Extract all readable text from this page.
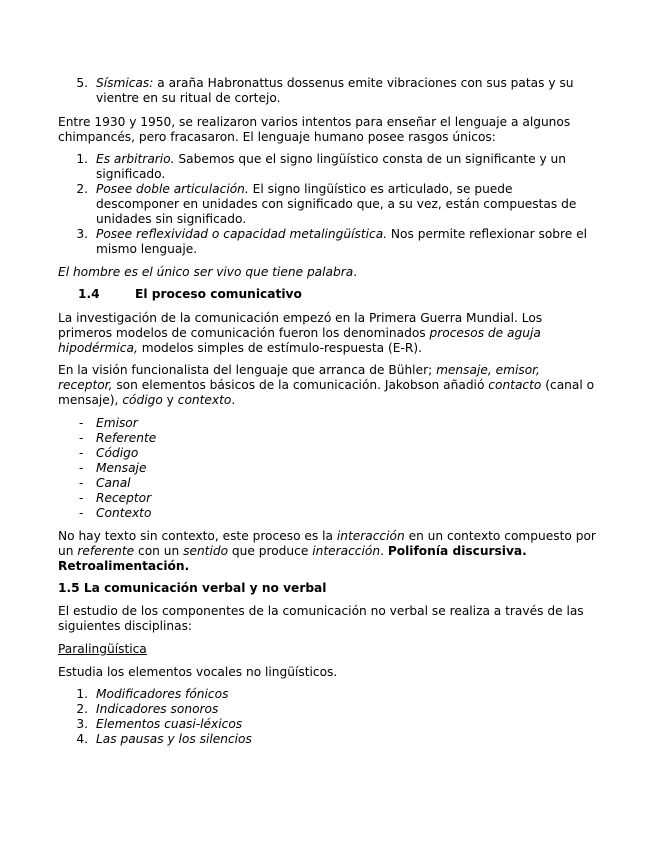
5. Sísmicas: a araña Habronattus dossenus emite vibraciones con sus patas y su vientre en su ritual de cortejo.

Entre 1930 y 1950, se realizaron varios intentos para enseñar el lenguaje a algunos chimpancés, pero fracasaron. El lenguaje humano posee rasgos únicos:

1. Es arbitrario. Sabemos que el signo lingüístico consta de un significante y un significado.
2. Posee doble articulación. El signo lingüístico es articulado, se puede descomponer en unidades con significado que, a su vez, están compuestas de unidades sin significado.
3. Posee reflexividad o capacidad metalingüística. Nos permite reflexionar sobre el mismo lenguaje.

El hombre es el único ser vivo que tiene palabra.

1.4	El proceso comunicativo

La investigación de la comunicación empezó en la Primera Guerra Mundial. Los primeros modelos de comunicación fueron los denominados procesos de aguja hipodérmica, modelos simples de estímulo-respuesta (E-R).

En la visión funcionalista del lenguaje que arranca de Bühler; mensaje, emisor, receptor, son elementos básicos de la comunicación. Jakobson añadió contacto (canal o mensaje), código y contexto.

-	Emisor
-	Referente
-	Código
-	Mensaje
-	Canal
-	Receptor
-	Contexto

No hay texto sin contexto, este proceso es la interacción en un contexto compuesto por un referente con un sentido que produce interacción. Polifonía discursiva. Retroalimentación.

1.5 La comunicación verbal y no verbal

El estudio de los componentes de la comunicación no verbal se realiza a través de las siguientes disciplinas:

Paralingüística

Estudia los elementos vocales no lingüísticos.

1. Modificadores fónicos
2. Indicadores sonoros
3. Elementos cuasi-léxicos
4. Las pausas y los silencios
